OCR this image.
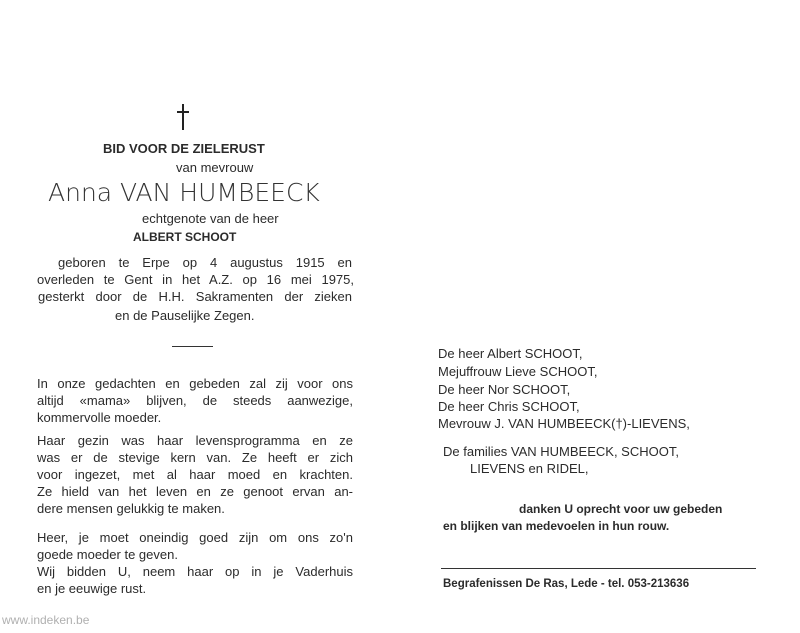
BID VOOR DE ZIELERUST
van mevrouw
Anna VAN HUMBEECK
echtgenote van de heer
ALBERT SCHOOT
geboren te Erpe op 4 augustus 1915 en
overleden te Gent in het A.Z. op 16 mei 1975,
gesterkt door de H.H. Sakramenten der zieken
en de Pauselijke Zegen.
In onze gedachten en gebeden zal zij voor ons
altijd «mama» blijven, de steeds aanwezige,
kommervolle moeder.
Haar gezin was haar levensprogramma en ze
was er de stevige kern van. Ze heeft er zich
voor ingezet, met al haar moed en krachten.
Ze hield van het leven en ze genoot ervan an-
dere mensen gelukkig te maken.
Heer, je moet oneindig goed zijn om ons zo'n
goede moeder te geven.
Wij bidden U, neem haar op in je Vaderhuis
en je eeuwige rust.
De heer Albert SCHOOT,
Mejuffrouw Lieve SCHOOT,
De heer Nor SCHOOT,
De heer Chris SCHOOT,
Mevrouw J. VAN HUMBEECK(†)-LIEVENS,
De families VAN HUMBEECK, SCHOOT,
LIEVENS en RIDEL,
danken U oprecht voor uw gebeden
en blijken van medevoelen in hun rouw.
Begrafenissen De Ras, Lede - tel. 053-213636
www.indeken.be
